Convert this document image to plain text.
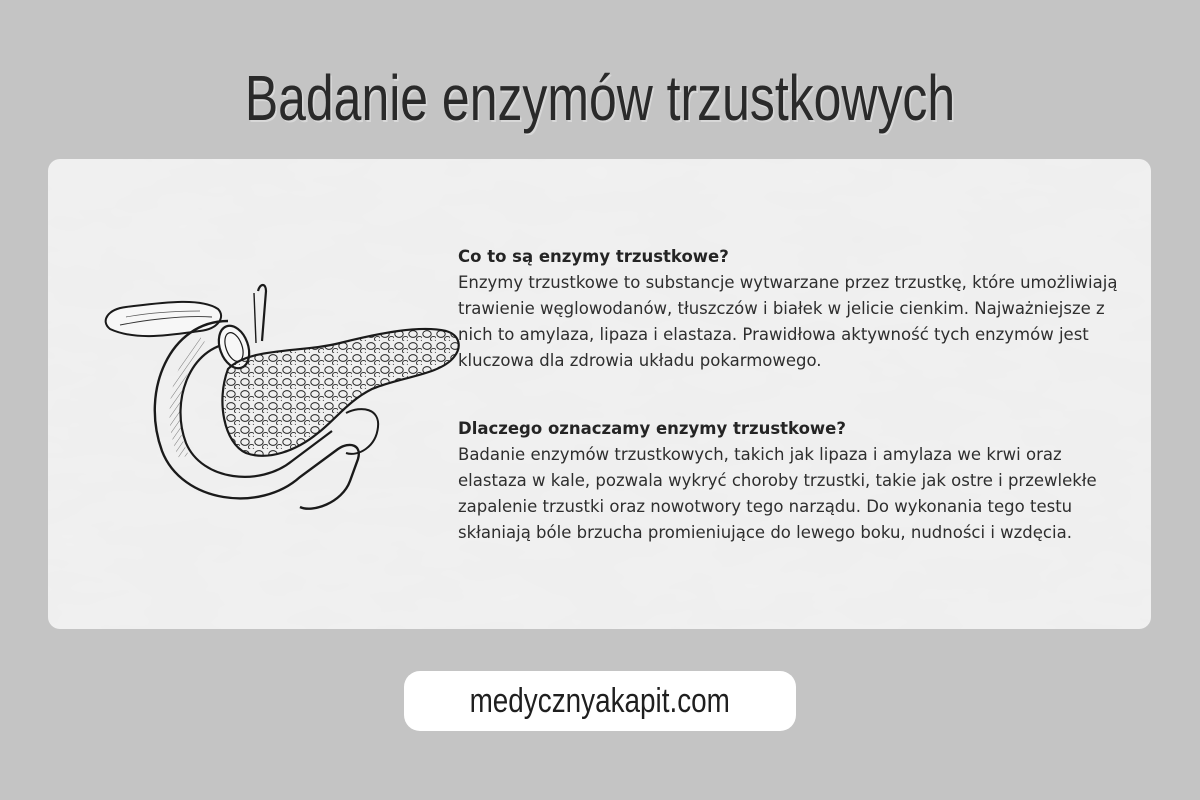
Badanie enzymów trzustkowych
Co to są enzymy trzustkowe?
Enzymy trzustkowe to substancje wytwarzane przez trzustkę, które umożliwiają trawienie węglowodanów, tłuszczów i białek w jelicie cienkim. Najważniejsze z nich to amylaza, lipaza i elastaza. Prawidłowa aktywność tych enzymów jest kluczowa dla zdrowia układu pokarmowego.
Dlaczego oznaczamy enzymy trzustkowe?
Badanie enzymów trzustkowych, takich jak lipaza i amylaza we krwi oraz elastaza w kale, pozwala wykryć choroby trzustki, takie jak ostre i przewlekłe zapalenie trzustki oraz nowotwory tego narządu. Do wykonania tego testu skłaniają bóle brzucha promieniujące do lewego boku, nudności i wzdęcia.
medycznyakapit.com
